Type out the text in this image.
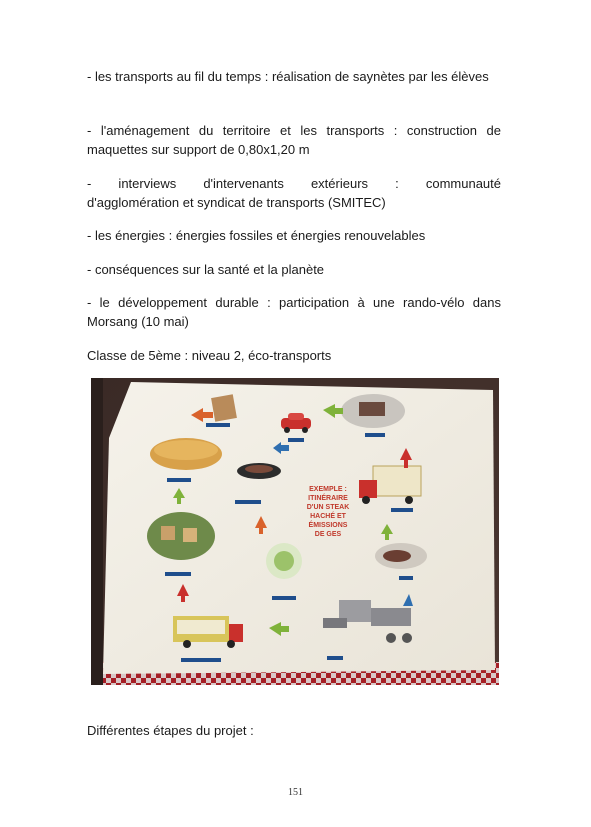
- les transports au fil du temps : réalisation de saynètes par les élèves

- l'aménagement du territoire et les transports : construction de maquettes sur support de 0,80x1,20 m

- interviews d'intervenants extérieurs : communauté

d'agglomération et syndicat de transports (SMITEC)

- les énergies : énergies fossiles et énergies renouvelables

- conséquences sur la santé et la planète

- le développement durable : participation à une rando-vélo dans Morsang (10 mai)

Classe de 5ème : niveau 2, éco-transports

EXEMPLE :
ITINÉRAIRE
D'UN STEAK
HACHÉ ET
ÉMISSIONS
DE GES

Différentes étapes du projet :

151
